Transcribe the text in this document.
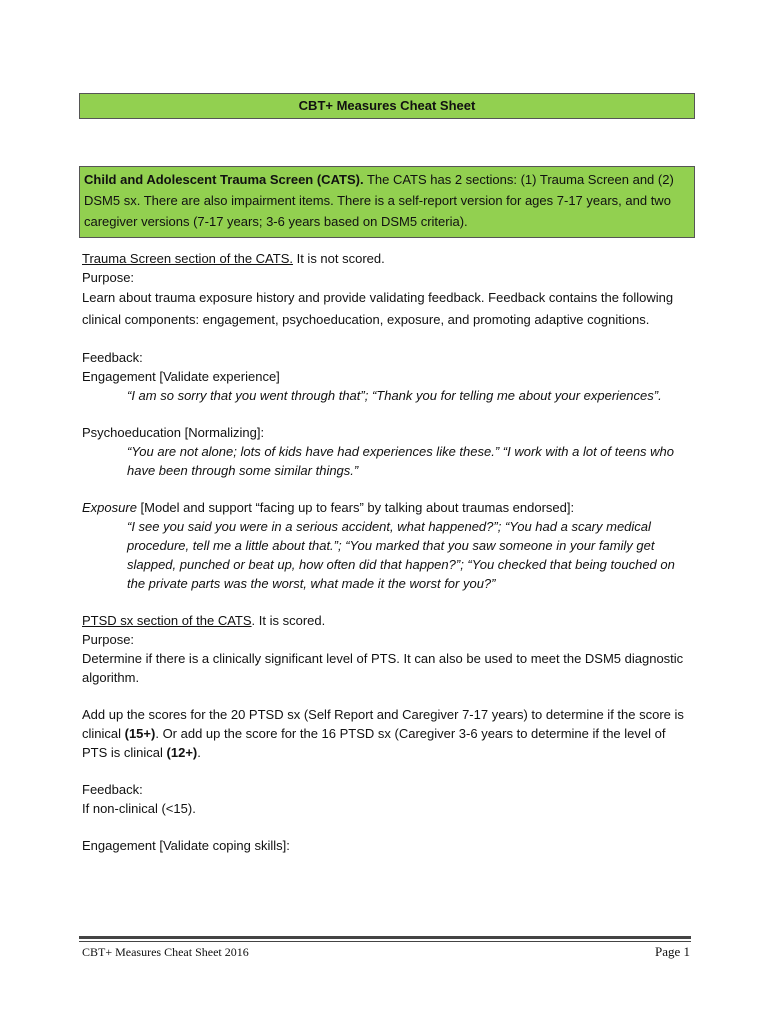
CBT+ Measures Cheat Sheet
Child and Adolescent Trauma Screen (CATS). The CATS has 2 sections: (1) Trauma Screen and (2) DSM5 sx. There are also impairment items. There is a self-report version for ages 7-17 years, and two caregiver versions (7-17 years; 3-6 years based on DSM5 criteria).

Trauma Screen section of the CATS. It is not scored.

Purpose:

Learn about trauma exposure history and provide validating feedback. Feedback contains the following clinical components: engagement, psychoeducation, exposure, and promoting adaptive cognitions.

Feedback:

Engagement [Validate experience]

“I am so sorry that you went through that”; “Thank you for telling me about your experiences”.

Psychoeducation [Normalizing]:

“You are not alone; lots of kids have had experiences like these.” “I work with a lot of teens who have been through some similar things.”

Exposure [Model and support “facing up to fears” by talking about traumas endorsed]:

“I see you said you were in a serious accident, what happened?”; “You had a scary medical procedure, tell me a little about that.”; “You marked that you saw someone in your family get slapped, punched or beat up, how often did that happen?”; “You checked that being touched on the private parts was the worst, what made it the worst for you?”

PTSD sx section of the CATS. It is scored.

Purpose:

Determine if there is a clinically significant level of PTS. It can also be used to meet the DSM5 diagnostic algorithm.

Add up the scores for the 20 PTSD sx (Self Report and Caregiver 7-17 years) to determine if the score is clinical (15+). Or add up the score for the 16 PTSD sx (Caregiver 3-6 years to determine if the level of PTS is clinical (12+).

Feedback:

If non-clinical (<15).

Engagement [Validate coping skills]:

CBT+ Measures Cheat Sheet 2016	Page 1
